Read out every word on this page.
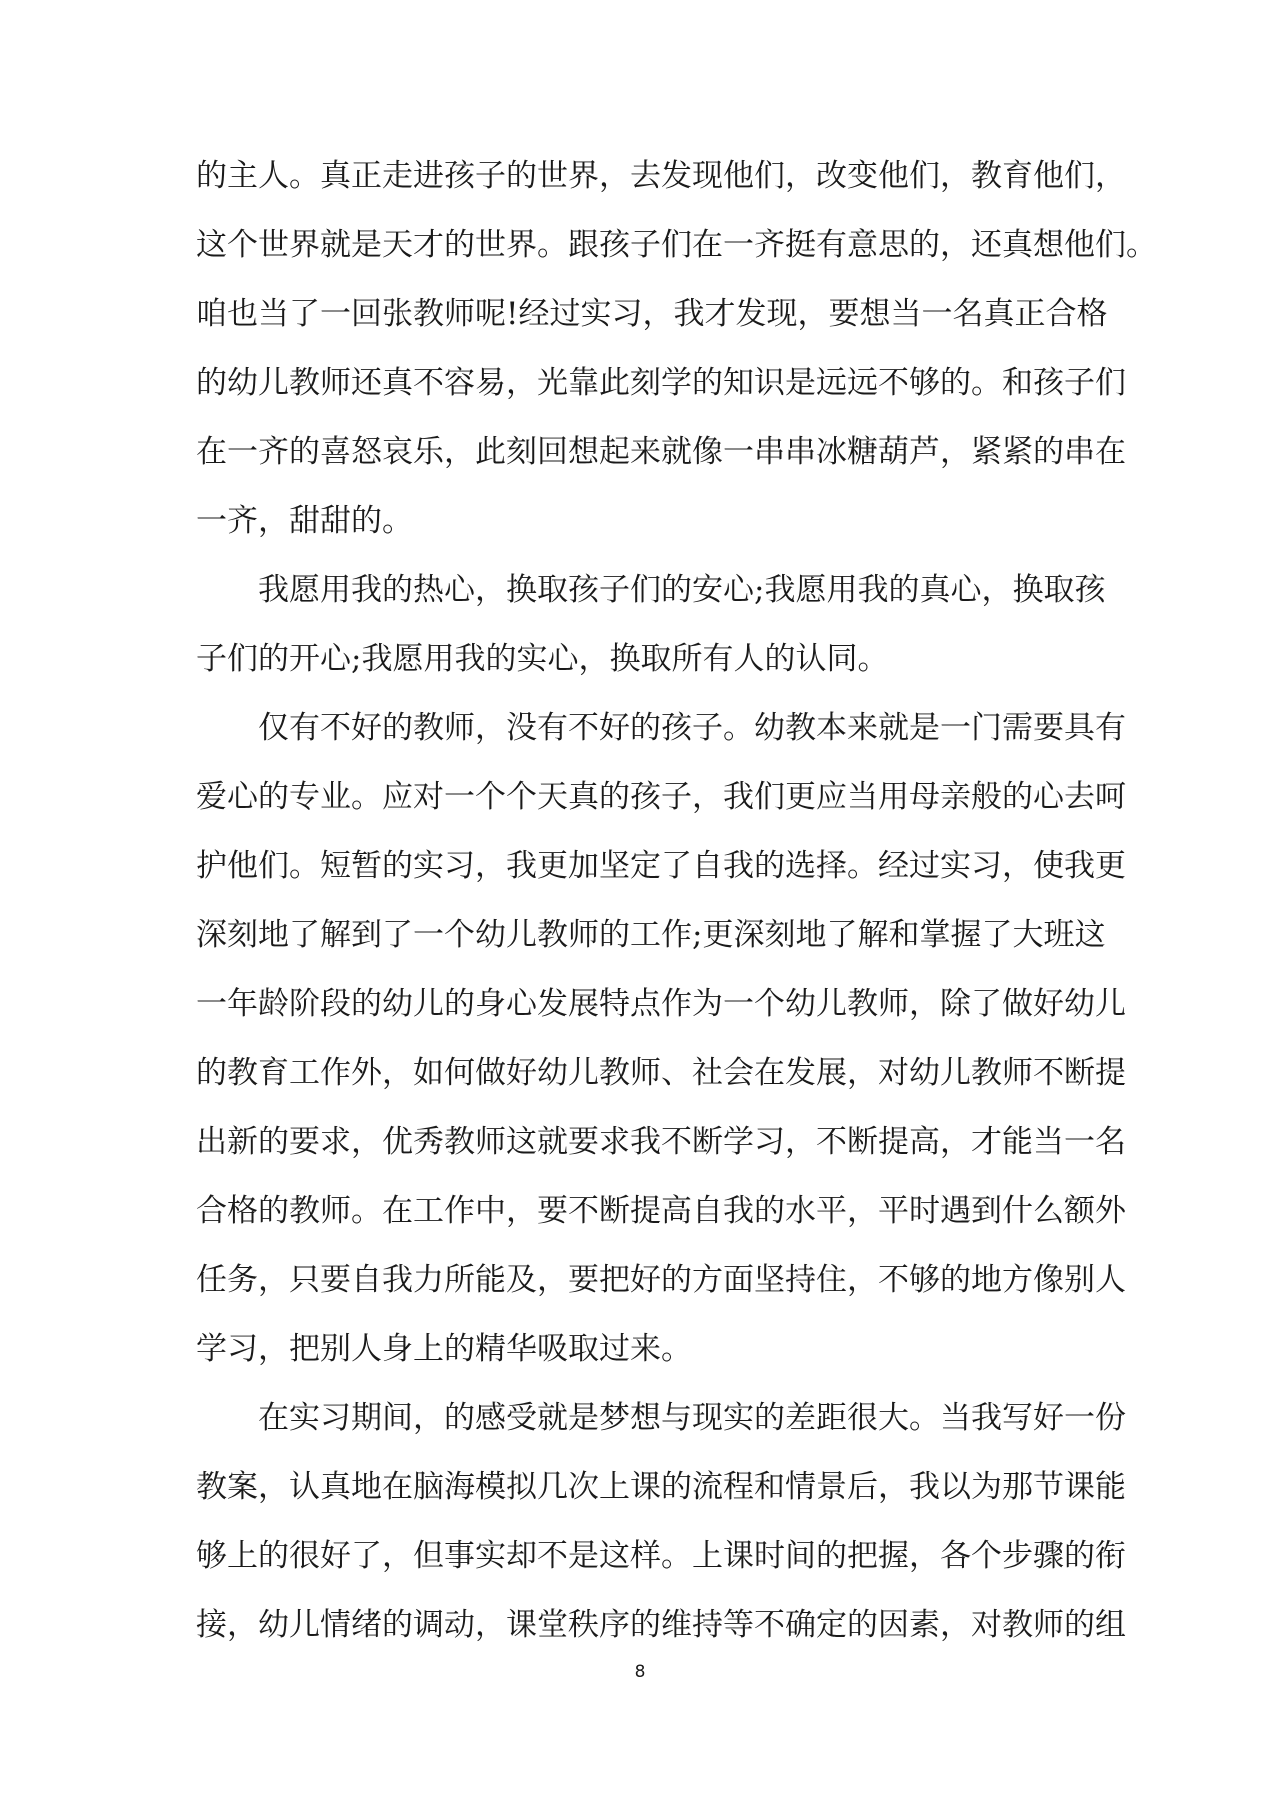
的主人。真正走进孩子的世界，去发现他们，改变他们，教育他们，
这个世界就是天才的世界。跟孩子们在一齐挺有意思的，还真想他们。
咱也当了一回张教师呢!经过实习，我才发现，要想当一名真正合格
的幼儿教师还真不容易，光靠此刻学的知识是远远不够的。和孩子们
在一齐的喜怒哀乐，此刻回想起来就像一串串冰糖葫芦，紧紧的串在
一齐，甜甜的。
我愿用我的热心，换取孩子们的安心;我愿用我的真心，换取孩
子们的开心;我愿用我的实心，换取所有人的认同。
仅有不好的教师，没有不好的孩子。幼教本来就是一门需要具有
爱心的专业。应对一个个天真的孩子，我们更应当用母亲般的心去呵
护他们。短暂的实习，我更加坚定了自我的选择。经过实习，使我更
深刻地了解到了一个幼儿教师的工作;更深刻地了解和掌握了大班这
一年龄阶段的幼儿的身心发展特点作为一个幼儿教师，除了做好幼儿
的教育工作外，如何做好幼儿教师、社会在发展，对幼儿教师不断提
出新的要求，优秀教师这就要求我不断学习，不断提高，才能当一名
合格的教师。在工作中，要不断提高自我的水平，平时遇到什么额外
任务，只要自我力所能及，要把好的方面坚持住，不够的地方像别人
学习，把别人身上的精华吸取过来。
在实习期间，的感受就是梦想与现实的差距很大。当我写好一份
教案，认真地在脑海模拟几次上课的流程和情景后，我以为那节课能
够上的很好了，但事实却不是这样。上课时间的把握，各个步骤的衔
接，幼儿情绪的调动，课堂秩序的维持等不确定的因素，对教师的组
8
